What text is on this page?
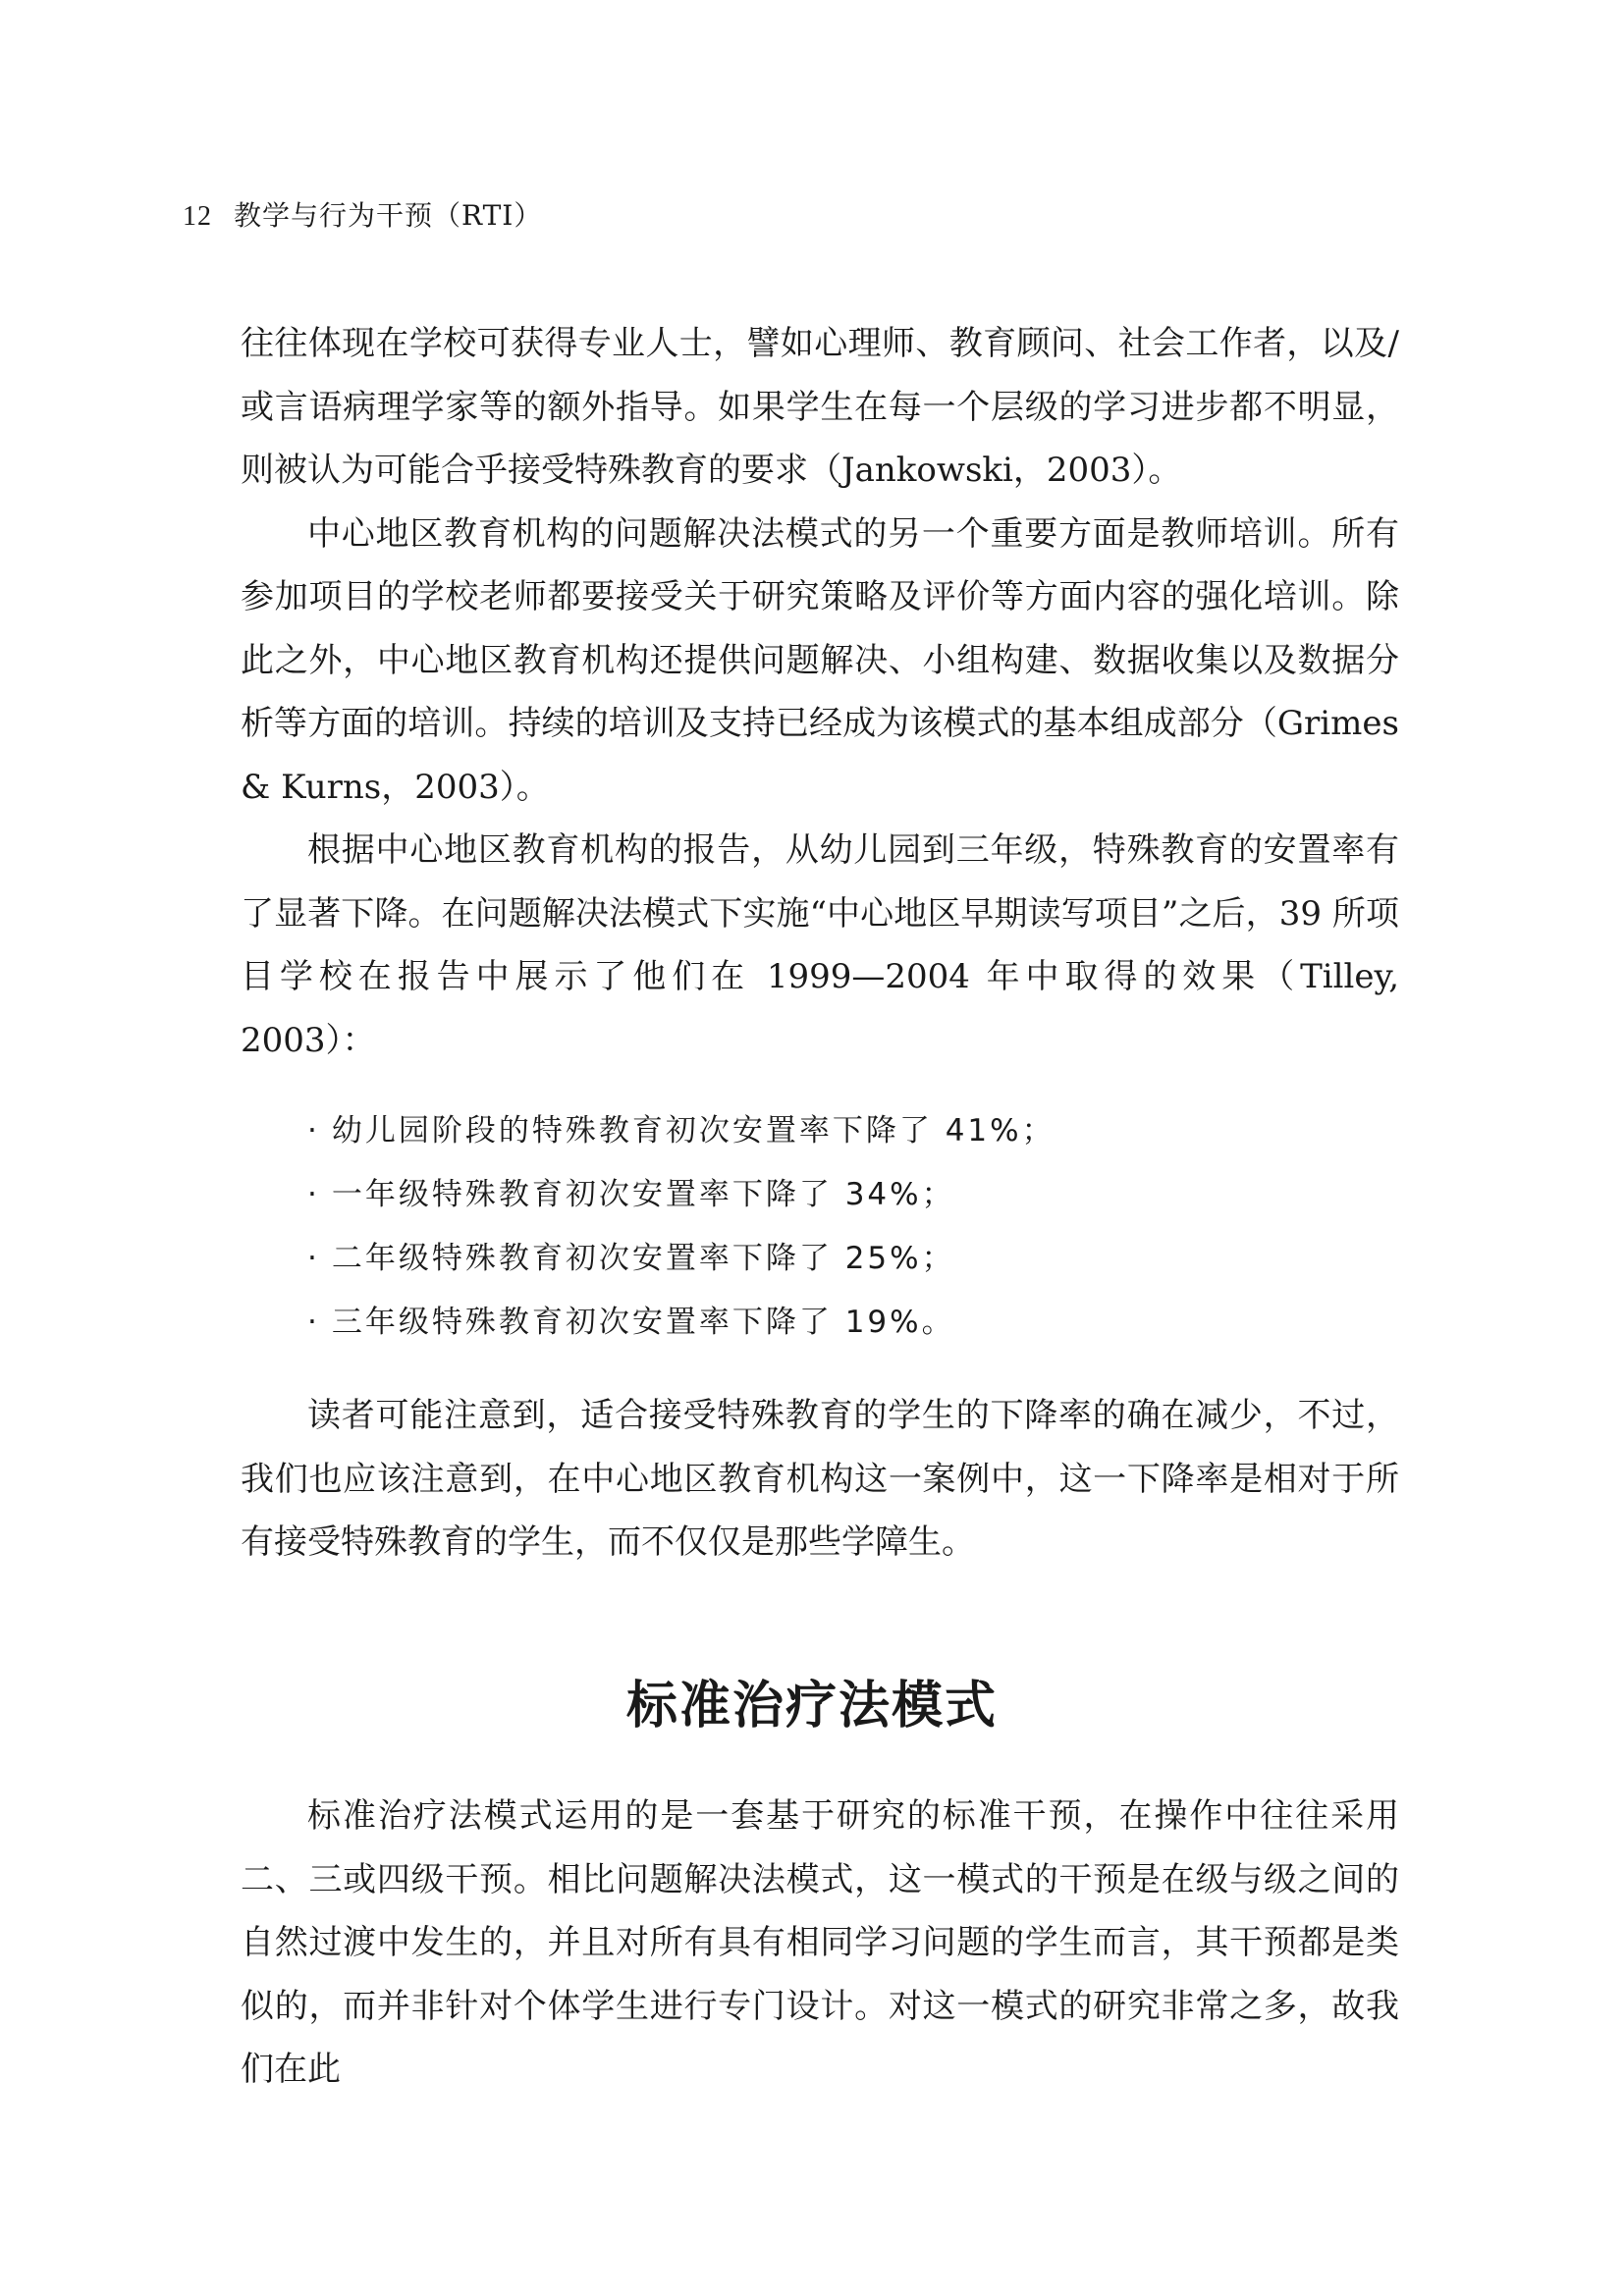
12 教学与行为干预（RTI）

往往体现在学校可获得专业人士，譬如心理师、教育顾问、社会工作者，以及/或言语病理学家等的额外指导。如果学生在每一个层级的学习进步都不明显，则被认为可能合乎接受特殊教育的要求（Jankowski，2003）。

中心地区教育机构的问题解决法模式的另一个重要方面是教师培训。所有参加项目的学校老师都要接受关于研究策略及评价等方面内容的强化培训。除此之外，中心地区教育机构还提供问题解决、小组构建、数据收集以及数据分析等方面的培训。持续的培训及支持已经成为该模式的基本组成部分（Grimes & Kurns，2003）。

根据中心地区教育机构的报告，从幼儿园到三年级，特殊教育的安置率有了显著下降。在问题解决法模式下实施“中心地区早期读写项目”之后，39 所项目学校在报告中展示了他们在 1999—2004 年中取得的效果（Tilley, 2003）：

· 幼儿园阶段的特殊教育初次安置率下降了 41%；
· 一年级特殊教育初次安置率下降了 34%；
· 二年级特殊教育初次安置率下降了 25%；
· 三年级特殊教育初次安置率下降了 19%。

读者可能注意到，适合接受特殊教育的学生的下降率的确在减少，不过，我们也应该注意到，在中心地区教育机构这一案例中，这一下降率是相对于所有接受特殊教育的学生，而不仅仅是那些学障生。

标准治疗法模式

标准治疗法模式运用的是一套基于研究的标准干预，在操作中往往采用二、三或四级干预。相比问题解决法模式，这一模式的干预是在级与级之间的自然过渡中发生的，并且对所有具有相同学习问题的学生而言，其干预都是类似的，而并非针对个体学生进行专门设计。对这一模式的研究非常之多，故我们在此
